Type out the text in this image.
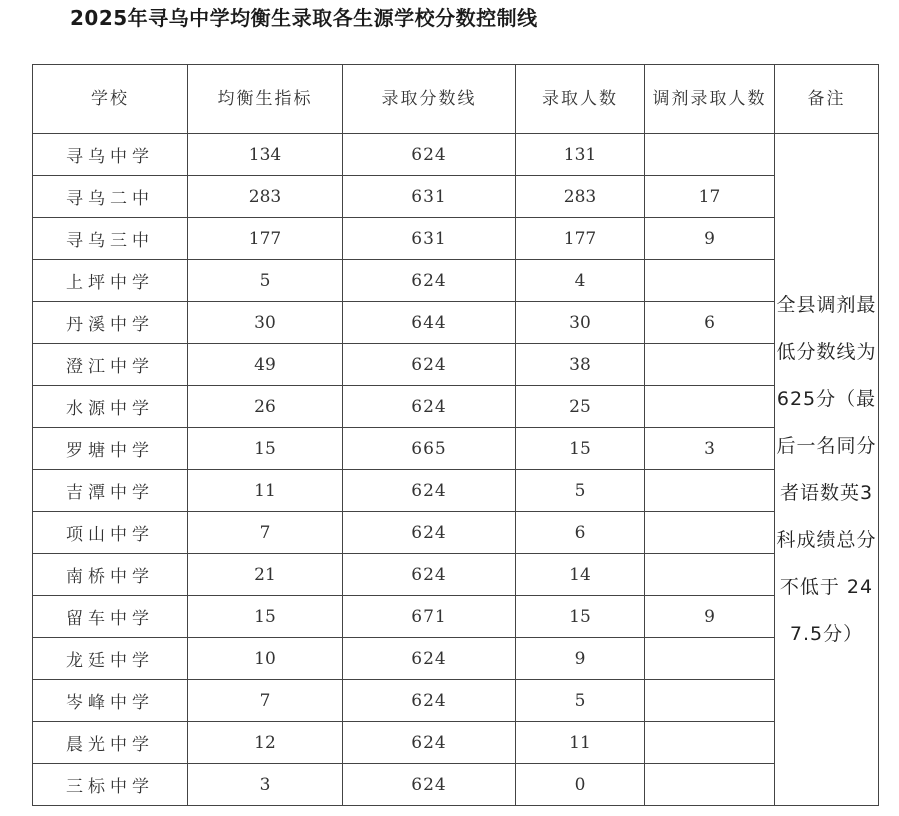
2025年寻乌中学均衡生录取各生源学校分数控制线
学校	均衡生指标	录取分数线	录取人数	调剂录取人数	备注
寻乌中学	134	624	131		全县调剂最低分数线为625分（最后一名同分者语数英3科成绩总分不低于 247.5分）
寻乌二中	283	631	283	17	
寻乌三中	177	631	177	9	
上坪中学	5	624	4		
丹溪中学	30	644	30	6	
澄江中学	49	624	38		
水源中学	26	624	25		
罗塘中学	15	665	15	3	
吉潭中学	11	624	5		
项山中学	7	624	6		
南桥中学	21	624	14		
留车中学	15	671	15	9	
龙廷中学	10	624	9		
岑峰中学	7	624	5		
晨光中学	12	624	11		
三标中学	3	624	0		
